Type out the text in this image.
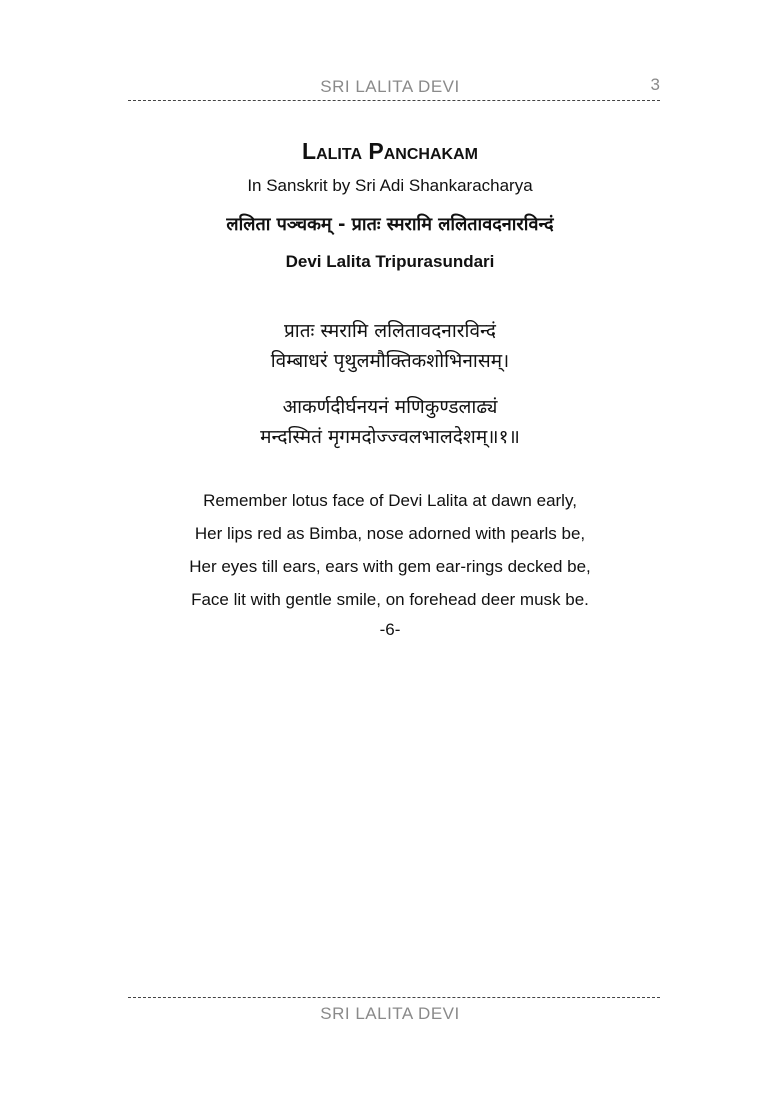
SRI LALITA DEVI	3
Lalita Panchakam
In Sanskrit by Sri Adi Shankaracharya
ललिता पञ्चकम् - प्रातः स्मरामि ललितावदनारविन्दं
Devi Lalita Tripurasundari
प्रातः स्मरामि ललितावदनारविन्दं
विम्बाधरं पृथुलमौक्तिकशोभिनासम्।
आकर्णदीर्घनयनं मणिकुण्डलाढ्यं
मन्दस्मितं मृगमदोज्ज्वलभालदेशम्॥१॥
Remember lotus face of Devi Lalita at dawn early,
Her lips red as Bimba, nose adorned with pearls be,
Her eyes till ears, ears with gem ear-rings decked be,
Face lit with gentle smile, on forehead deer musk be.
-6-
SRI LALITA DEVI
